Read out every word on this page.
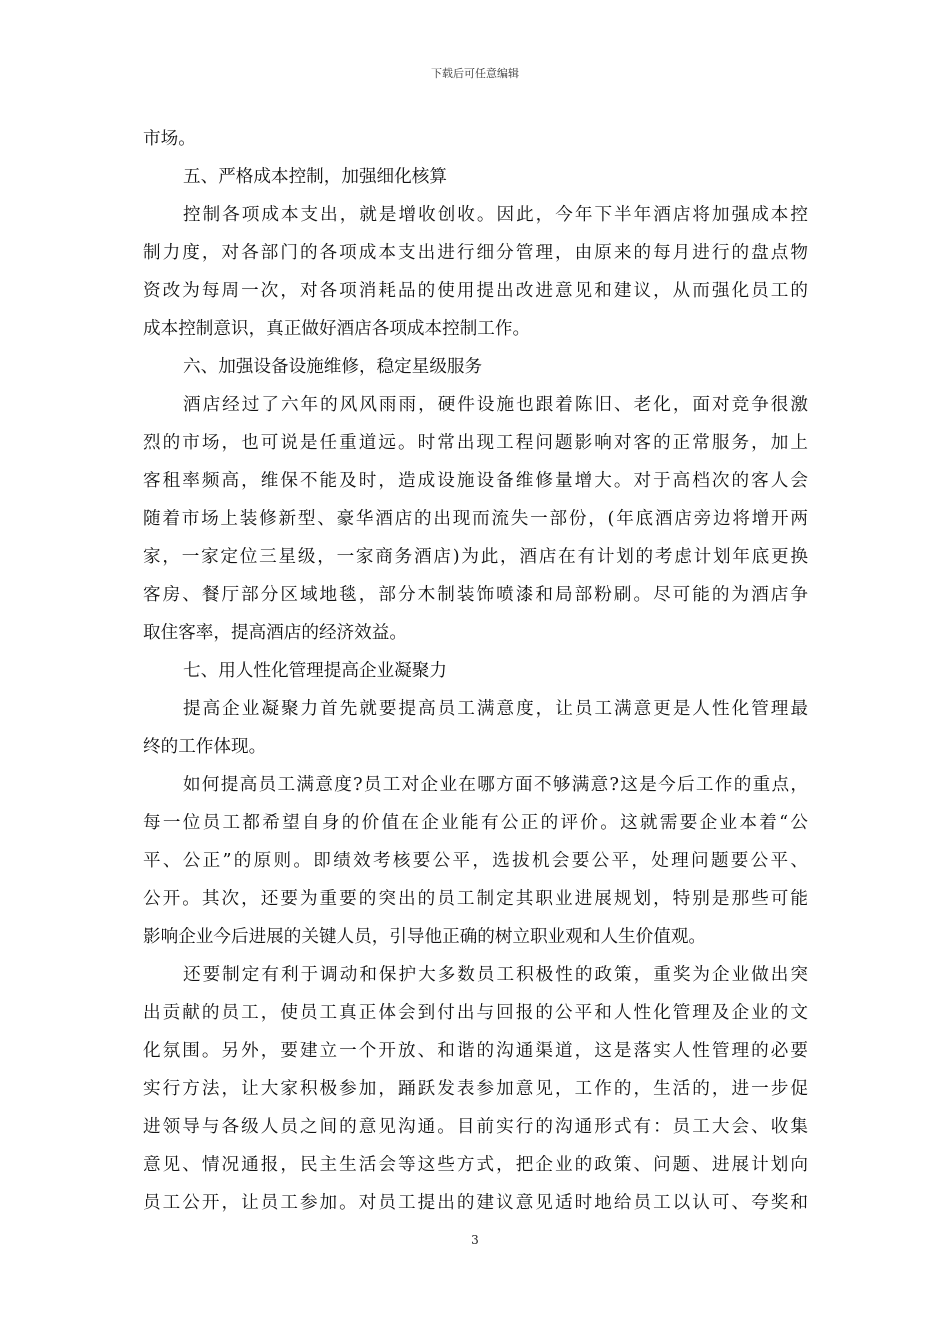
下载后可任意编辑
市场。
五、严格成本控制，加强细化核算
控制各项成本支出，就是增收创收。因此，今年下半年酒店将加强成本控
制力度，对各部门的各项成本支出进行细分管理，由原来的每月进行的盘点物
资改为每周一次，对各项消耗品的使用提出改进意见和建议，从而强化员工的
成本控制意识，真正做好酒店各项成本控制工作。
六、加强设备设施维修，稳定星级服务
酒店经过了六年的风风雨雨，硬件设施也跟着陈旧、老化，面对竞争很激
烈的市场，也可说是任重道远。时常出现工程问题影响对客的正常服务，加上
客租率频高，维保不能及时，造成设施设备维修量增大。对于高档次的客人会
随着市场上装修新型、豪华酒店的出现而流失一部份，(年底酒店旁边将增开两
家，一家定位三星级，一家商务酒店)为此，酒店在有计划的考虑计划年底更换
客房、餐厅部分区域地毯，部分木制装饰喷漆和局部粉刷。尽可能的为酒店争
取住客率，提高酒店的经济效益。
七、用人性化管理提高企业凝聚力
提高企业凝聚力首先就要提高员工满意度，让员工满意更是人性化管理最
终的工作体现。
如何提高员工满意度?员工对企业在哪方面不够满意?这是今后工作的重点，
每一位员工都希望自身的价值在企业能有公正的评价。这就需要企业本着“公
平、公正”的原则。即绩效考核要公平，选拔机会要公平，处理问题要公平、
公开。其次，还要为重要的突出的员工制定其职业进展规划，特别是那些可能
影响企业今后进展的关键人员，引导他正确的树立职业观和人生价值观。
还要制定有利于调动和保护大多数员工积极性的政策，重奖为企业做出突
出贡献的员工，使员工真正体会到付出与回报的公平和人性化管理及企业的文
化氛围。另外，要建立一个开放、和谐的沟通渠道，这是落实人性管理的必要
实行方法，让大家积极参加，踊跃发表参加意见，工作的，生活的，进一步促
进领导与各级人员之间的意见沟通。目前实行的沟通形式有：员工大会、收集
意见、情况通报，民主生活会等这些方式，把企业的政策、问题、进展计划向
员工公开，让员工参加。对员工提出的建议意见适时地给员工以认可、夸奖和
3
